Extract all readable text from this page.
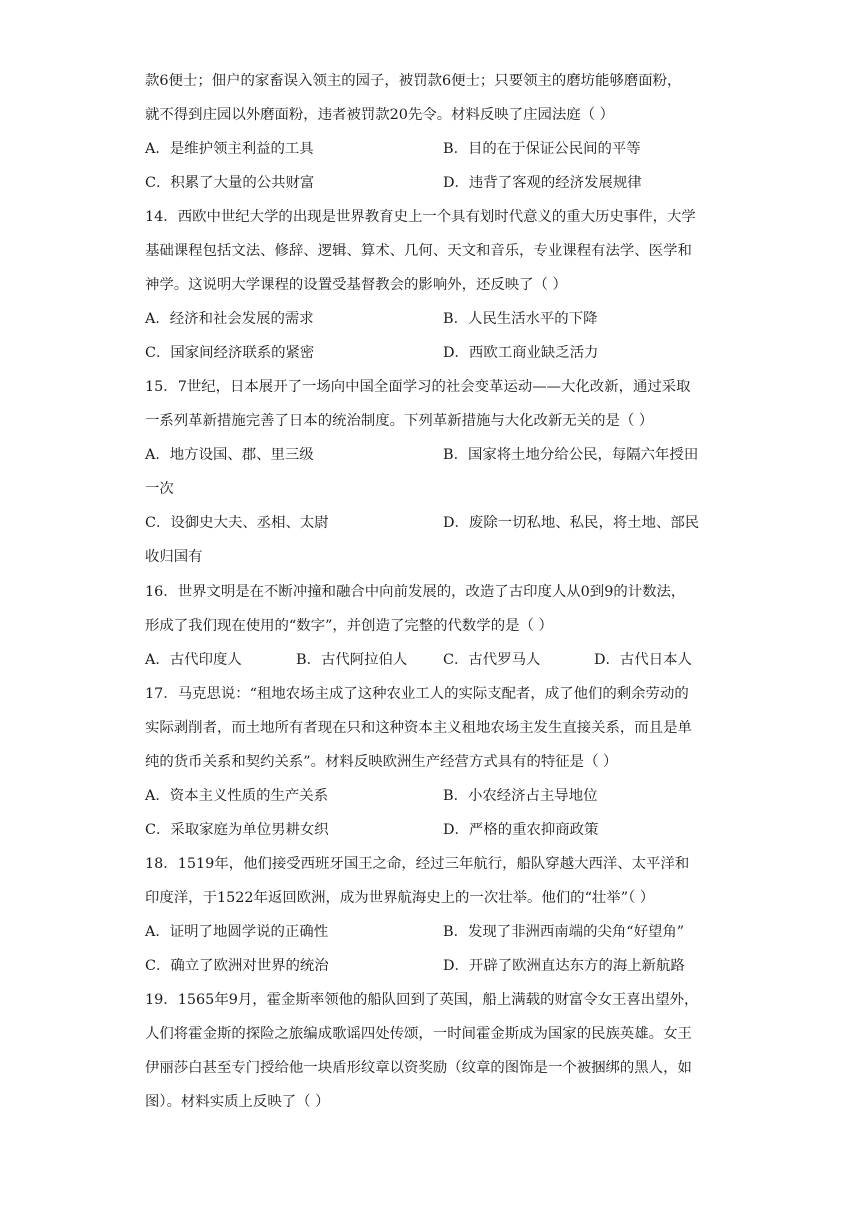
款6便士；佃户的家畜误入领主的园子，被罚款6便士；只要领主的磨坊能够磨面粉，
就不得到庄园以外磨面粉，违者被罚款20先令。材料反映了庄园法庭（ ）
A．是维护领主利益的工具	B．目的在于保证公民间的平等
C．积累了大量的公共财富	D．违背了客观的经济发展规律
14．西欧中世纪大学的出现是世界教育史上一个具有划时代意义的重大历史事件，大学
基础课程包括文法、修辞、逻辑、算术、几何、天文和音乐，专业课程有法学、医学和
神学。这说明大学课程的设置受基督教会的影响外，还反映了（ ）
A．经济和社会发展的需求	B．人民生活水平的下降
C．国家间经济联系的紧密	D．西欧工商业缺乏活力
15．7世纪，日本展开了一场向中国全面学习的社会变革运动——大化改新，通过采取
一系列革新措施完善了日本的统治制度。下列革新措施与大化改新无关的是（ ）
A．地方设国、郡、里三级	B．国家将土地分给公民，每隔六年授田
一次
C．设御史大夫、丞相、太尉	D．废除一切私地、私民，将土地、部民
收归国有
16．世界文明是在不断冲撞和融合中向前发展的，改造了古印度人从0到9的计数法，
形成了我们现在使用的“数字”，并创造了完整的代数学的是（ ）
A．古代印度人	B．古代阿拉伯人 C．古代罗马人	D．古代日本人
17．马克思说：“租地农场主成了这种农业工人的实际支配者，成了他们的剩余劳动的
实际剥削者，而土地所有者现在只和这种资本主义租地农场主发生直接关系，而且是单
纯的货币关系和契约关系”。材料反映欧洲生产经营方式具有的特征是（ ）
A．资本主义性质的生产关系	B．小农经济占主导地位
C．采取家庭为单位男耕女织	D．严格的重农抑商政策
18．1519年，他们接受西班牙国王之命，经过三年航行，船队穿越大西洋、太平洋和
印度洋，于1522年返回欧洲，成为世界航海史上的一次壮举。他们的“壮举”（ ）
A．证明了地圆学说的正确性	B．发现了非洲西南端的尖角“好望角”
C．确立了欧洲对世界的统治	D．开辟了欧洲直达东方的海上新航路
19．1565年9月，霍金斯率领他的船队回到了英国，船上满载的财富令女王喜出望外，
人们将霍金斯的探险之旅编成歌谣四处传颂，一时间霍金斯成为国家的民族英雄。女王
伊丽莎白甚至专门授给他一块盾形纹章以资奖励（纹章的图饰是一个被捆绑的黑人，如
图）。材料实质上反映了（ ）
